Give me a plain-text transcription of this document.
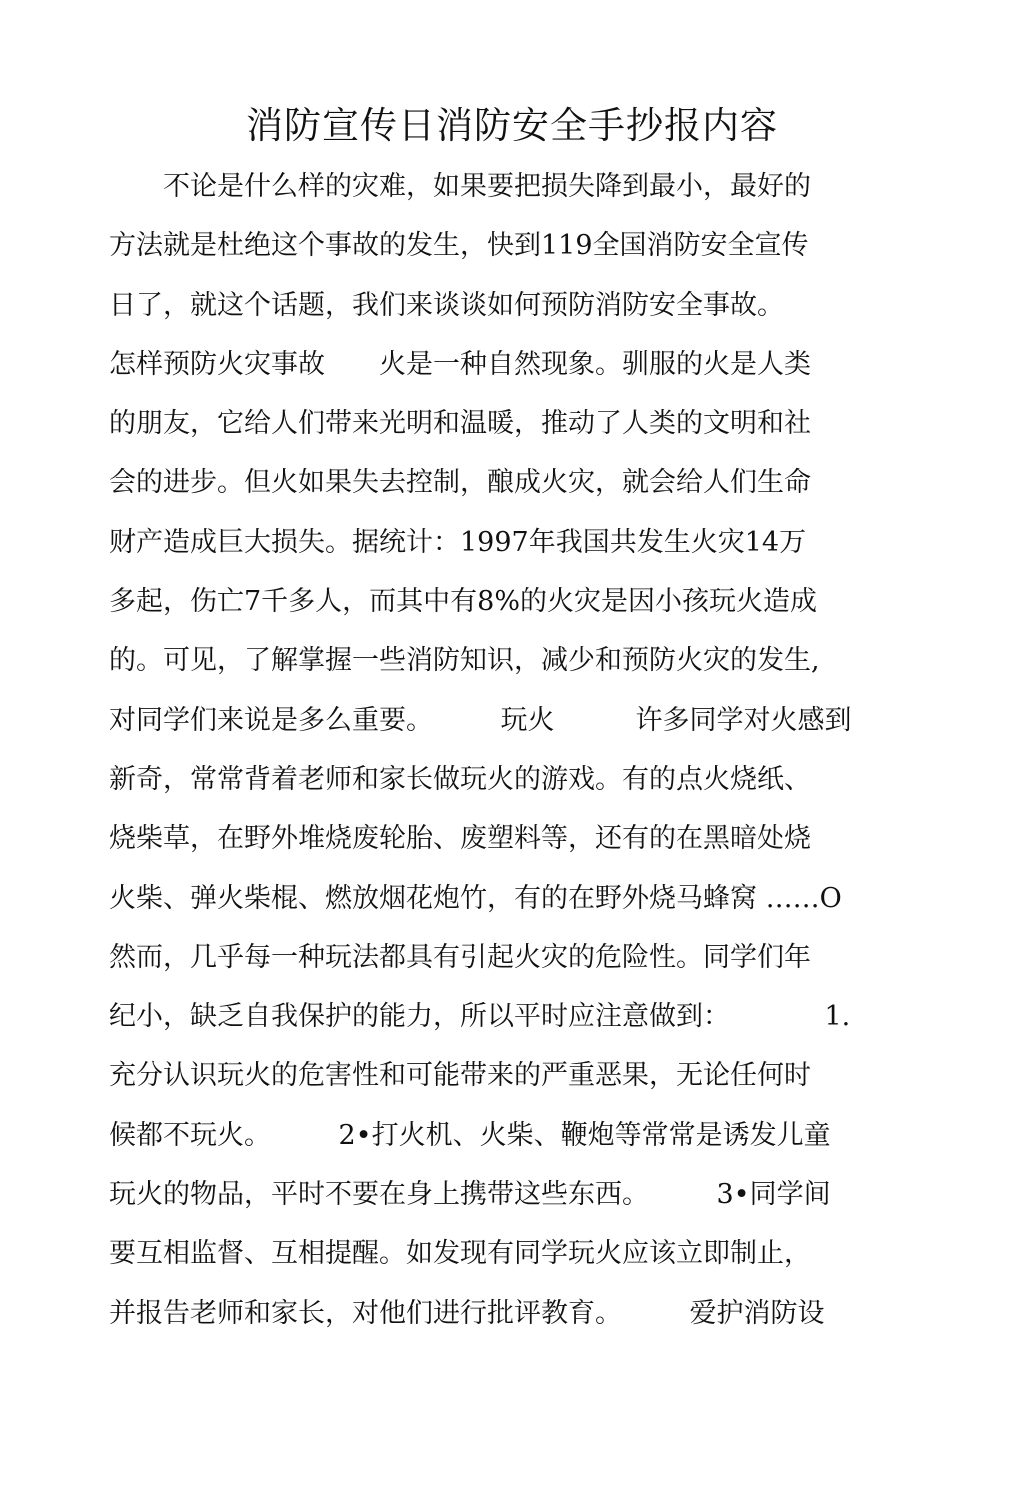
消防宣传日消防安全手抄报内容
　　不论是什么样的灾难，如果要把损失降到最小，最好的
方法就是杜绝这个事故的发生，快到119全国消防安全宣传
日了，就这个话题，我们来谈谈如何预防消防安全事故。
怎样预防火灾事故　　火是一种自然现象。驯服的火是人类
的朋友，它给人们带来光明和温暖，推动了人类的文明和社
会的进步。但火如果失去控制，酿成火灾，就会给人们生命
财产造成巨大损失。据统计：1997年我国共发生火灾14万
多起，伤亡7千多人，而其中有8%的火灾是因小孩玩火造成
的。可见，了解掌握一些消防知识，减少和预防火灾的发生,
对同学们来说是多么重要。　　　玩火　　　许多同学对火感到
新奇，常常背着老师和家长做玩火的游戏。有的点火烧纸、
烧柴草，在野外堆烧废轮胎、废塑料等，还有的在黑暗处烧
火柴、弹火柴棍、燃放烟花炮竹，有的在野外烧马蜂窝 ……O
然而，几乎每一种玩法都具有引起火灾的危险性。同学们年
纪小，缺乏自我保护的能力，所以平时应注意做到：　　　　1.
充分认识玩火的危害性和可能带来的严重恶果，无论任何时
候都不玩火。　　　2•打火机、火柴、鞭炮等常常是诱发儿童
玩火的物品，平时不要在身上携带这些东西。　　　3•同学间
要互相监督、互相提醒。如发现有同学玩火应该立即制止，
并报告老师和家长，对他们进行批评教育。　　　爱护消防设
